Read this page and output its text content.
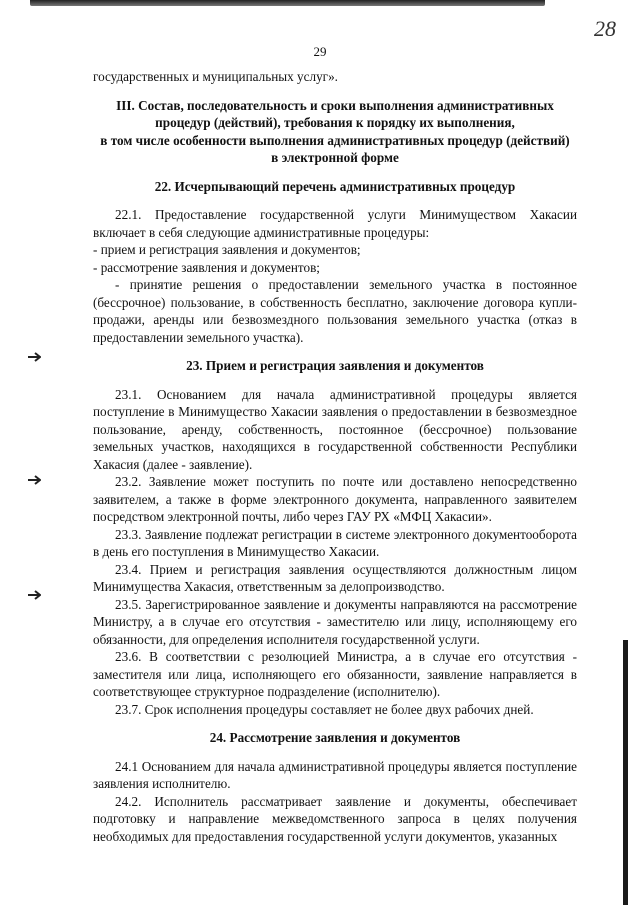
28
29

государственных и муниципальных услуг».

III. Состав, последовательность и сроки выполнения административных

процедур (действий), требования к порядку их выполнения,

в том числе особенности выполнения административных процедур (действий)

в электронной форме

22. Исчерпывающий перечень административных процедур

22.1. Предоставление государственной услуги Минимуществом Хакасии включает в себя следующие административные процедуры:

- прием и регистрация заявления и документов;

- рассмотрение заявления и документов;

- принятие решения о предоставлении земельного участка в постоянное (бессрочное) пользование, в собственность бесплатно, заключение договора купли-продажи, аренды или безвозмездного пользования земельного участка (отказ в предоставлении земельного участка).

23. Прием и регистрация заявления и документов

23.1. Основанием для начала административной процедуры является поступление в Минимущество Хакасии заявления о предоставлении в безвозмездное пользование, аренду, собственность, постоянное (бессрочное) пользование земельных участков, находящихся в государственной собственности Республики Хакасия (далее - заявление).

23.2. Заявление может поступить по почте или доставлено непосредственно заявителем, а также в форме электронного документа, направленного заявителем посредством электронной почты, либо через ГАУ РХ «МФЦ Хакасии».

23.3. Заявление подлежат регистрации в системе электронного документооборота в день его поступления в Минимущество Хакасии.

23.4. Прием и регистрация заявления осуществляются должностным лицом Минимущества Хакасия, ответственным за делопроизводство.

23.5. Зарегистрированное заявление и документы направляются на рассмотрение Министру, а в случае его отсутствия - заместителю или лицу, исполняющему его обязанности, для определения исполнителя государственной услуги.

23.6. В соответствии с резолюцией Министра, а в случае его отсутствия - заместителя или лица, исполняющего его обязанности, заявление направляется в соответствующее структурное подразделение (исполнителю).

23.7. Срок исполнения процедуры составляет не более двух рабочих дней.

24. Рассмотрение заявления и документов

24.1 Основанием для начала административной процедуры является поступление заявления исполнителю.

24.2. Исполнитель рассматривает заявление и документы, обеспечивает подготовку и направление межведомственного запроса в целях получения необходимых для предоставления государственной услуги документов, указанных
